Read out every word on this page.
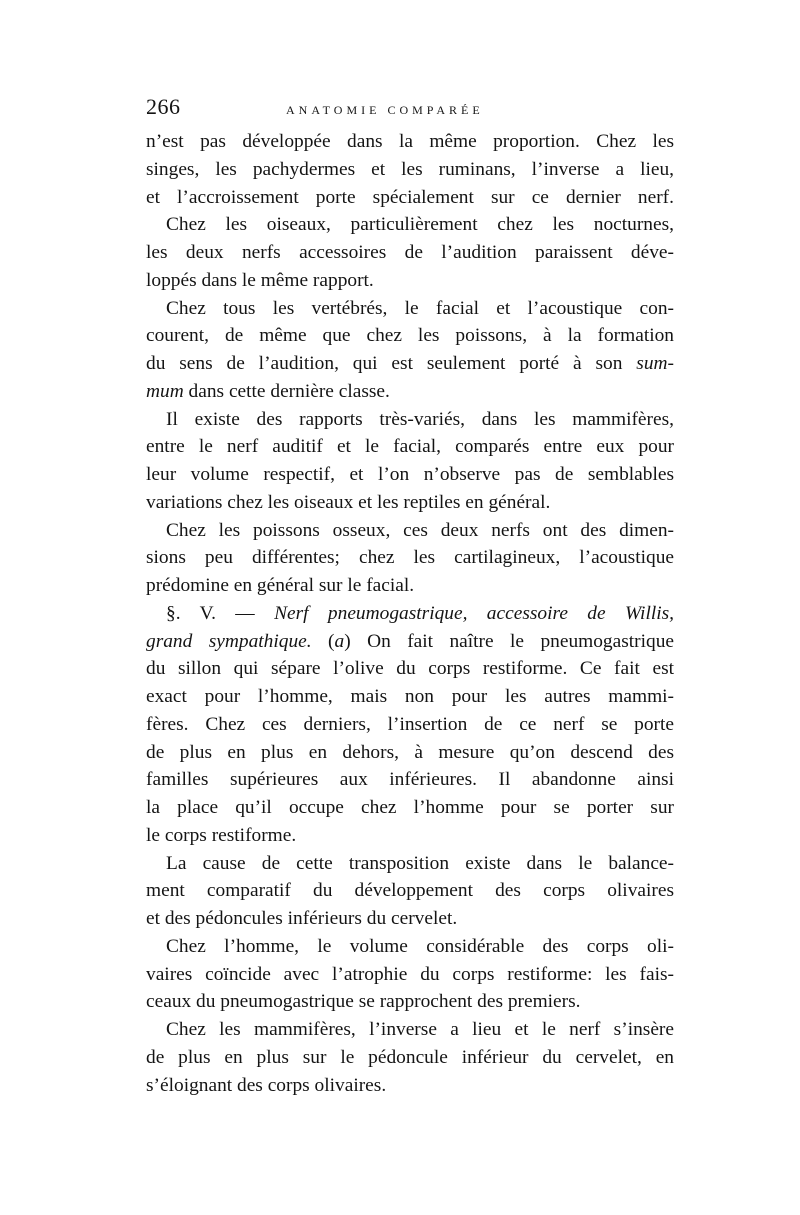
266	ANATOMIE COMPARÉE
n’est pas développée dans la même proportion. Chez les
singes, les pachydermes et les ruminans, l’inverse a lieu,
et l’accroissement porte spécialement sur ce dernier nerf.
Chez les oiseaux, particulièrement chez les nocturnes,
les deux nerfs accessoires de l’audition paraissent déve-
loppés dans le même rapport.
Chez tous les vertébrés, le facial et l’acoustique con-
courent, de même que chez les poissons, à la formation
du sens de l’audition, qui est seulement porté à son sum-
mum dans cette dernière classe.
Il existe des rapports très-variés, dans les mammifères,
entre le nerf auditif et le facial, comparés entre eux pour
leur volume respectif, et l’on n’observe pas de semblables
variations chez les oiseaux et les reptiles en général.
Chez les poissons osseux, ces deux nerfs ont des dimen-
sions peu différentes; chez les cartilagineux, l’acoustique
prédomine en général sur le facial.
§. V. — Nerf pneumogastrique, accessoire de Willis,
grand sympathique. (a) On fait naître le pneumogastrique
du sillon qui sépare l’olive du corps restiforme. Ce fait est
exact pour l’homme, mais non pour les autres mammi-
fères. Chez ces derniers, l’insertion de ce nerf se porte
de plus en plus en dehors, à mesure qu’on descend des
familles supérieures aux inférieures. Il abandonne ainsi
la place qu’il occupe chez l’homme pour se porter sur
le corps restiforme.
La cause de cette transposition existe dans le balance-
ment comparatif du développement des corps olivaires
et des pédoncules inférieurs du cervelet.
Chez l’homme, le volume considérable des corps oli-
vaires coïncide avec l’atrophie du corps restiforme: les fais-
ceaux du pneumogastrique se rapprochent des premiers.
Chez les mammifères, l’inverse a lieu et le nerf s’insère
de plus en plus sur le pédoncule inférieur du cervelet, en
s’éloignant des corps olivaires.
